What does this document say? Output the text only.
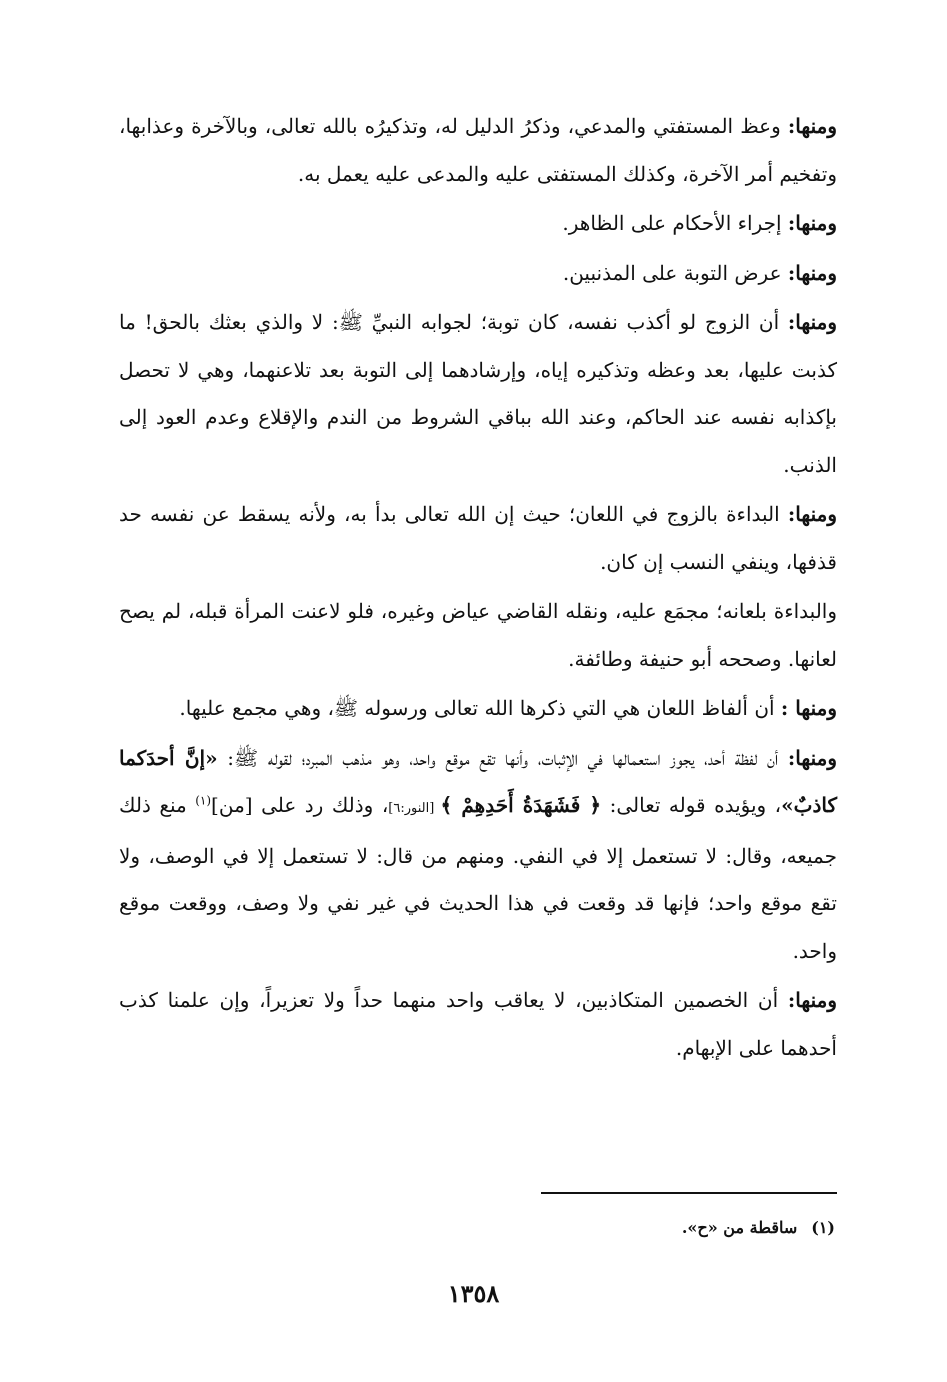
ومنها: وعظ المستفتي والمدعي، وذكرُ الدليل له، وتذكيرُه بالله تعالى، وبالآخرة وعذابها، وتفخيم أمر الآخرة، وكذلك المستفتى عليه والمدعى عليه يعمل به.

ومنها: إجراء الأحكام على الظاهر.

ومنها: عرض التوبة على المذنبين.

ومنها: أن الزوج لو أكذب نفسه، كان توبة؛ لجوابه النبيِّ ﷺ: لا والذي بعثك بالحق! ما كذبت عليها، بعد وعظه وتذكيره إياه، وإرشادهما إلى التوبة بعد تلاعنهما، وهي لا تحصل بإكذابه نفسه عند الحاكم، وعند الله بباقي الشروط من الندم والإقلاع وعدم العود إلى الذنب.

ومنها: البداءة بالزوج في اللعان؛ حيث إن الله تعالى بدأ به، ولأنه يسقط عن نفسه حد قذفها، وينفي النسب إن كان.

والبداءة بلعانه؛ مجمَع عليه، ونقله القاضي عياض وغيره، فلو لاعنت المرأة قبله، لم يصح لعانها. وصححه أبو حنيفة وطائفة.

ومنها : أن ألفاظ اللعان هي التي ذكرها الله تعالى ورسوله ﷺ، وهي مجمع عليها.

ومنها: أن لفظة أحد، يجوز استعمالها في الإثبات، وأنها تقع موقع واحد، وهو مذهب المبرد؛ لقوله ﷺ: «إنَّ أحدَكما كاذبٌ»، ويؤيده قوله تعالى: ﴿ فَشَهَدَةُ أَحَدِهِمْ ﴾ [النور:٦]، وذلك رد على [من]$^{(١)}$ منع ذلك جميعه، وقال: لا تستعمل إلا في النفي. ومنهم من قال: لا تستعمل إلا في الوصف، ولا تقع موقع واحد؛ فإنها قد وقعت في هذا الحديث في غير نفي ولا وصف، ووقعت موقع واحد.

ومنها: أن الخصمين المتكاذبين، لا يعاقب واحد منهما حداً ولا تعزيراً، وإن علمنا كذب أحدهما على الإبهام.

(١)ساقطة من «ح».
١٣٥٨
